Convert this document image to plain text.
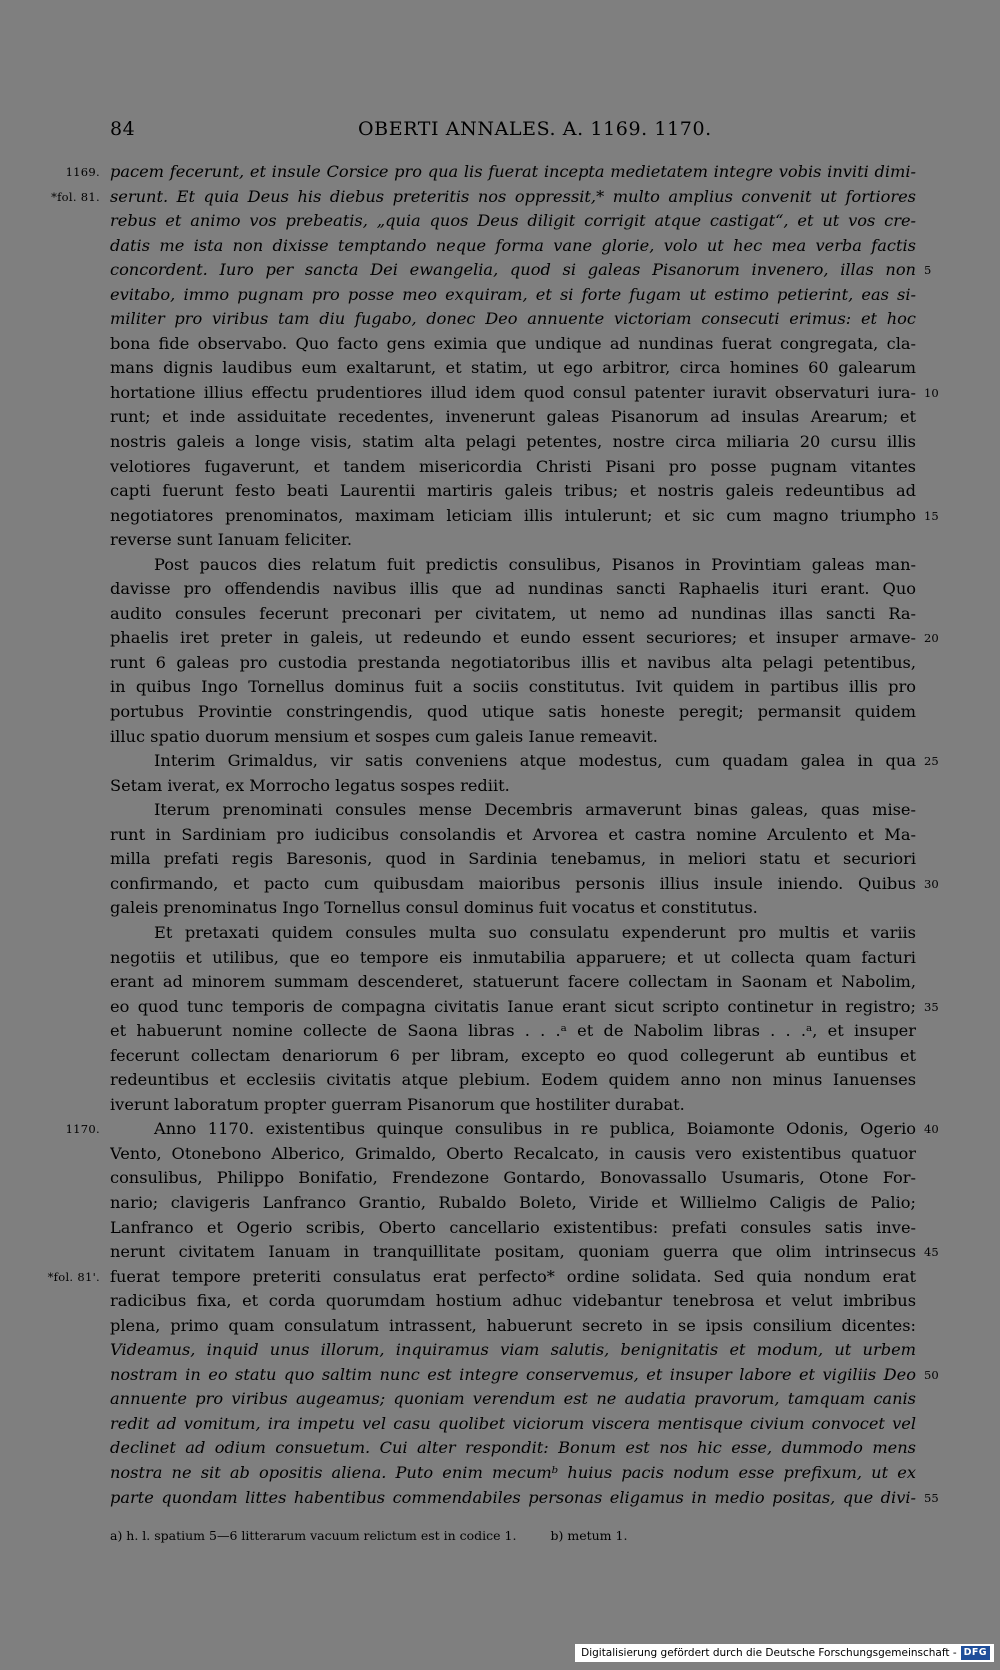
84	OBERTI ANNALES. A. 1169. 1170.
1169. pacem fecerunt, et insule Corsice pro qua lis fuerat incepta medietatem integre vobis inviti dimi-
*fol. 81. serunt. Et quia Deus his diebus preteritis nos oppressit,* multo amplius convenit ut fortiores
rebus et animo vos prebeatis, „quia quos Deus diligit corrigit atque castigat“, et ut vos cre-
datis me ista non dixisse temptando neque forma vane glorie, volo ut hec mea verba factis
concordent. Iuro per sancta Dei ewangelia, quod si galeas Pisanorum invenero, illas non 5
evitabo, immo pugnam pro posse meo exquiram, et si forte fugam ut estimo petierint, eas si-
militer pro viribus tam diu fugabo, donec Deo annuente victoriam consecuti erimus: et hoc
bona fide observabo. Quo facto gens eximia que undique ad nundinas fuerat congregata, cla-
mans dignis laudibus eum exaltarunt, et statim, ut ego arbitror, circa homines 60 galearum
hortatione illius effectu prudentiores illud idem quod consul patenter iuravit observaturi iura- 10
runt; et inde assiduitate recedentes, invenerunt galeas Pisanorum ad insulas Arearum; et
nostris galeis a longe visis, statim alta pelagi petentes, nostre circa miliaria 20 cursu illis
velotiores fugaverunt, et tandem misericordia Christi Pisani pro posse pugnam vitantes
capti fuerunt festo beati Laurentii martiris galeis tribus; et nostris galeis redeuntibus ad
negotiatores prenominatos, maximam leticiam illis intulerunt; et sic cum magno triumpho 15
reverse sunt Ianuam feliciter.
Post paucos dies relatum fuit predictis consulibus, Pisanos in Provintiam galeas man-
davisse pro offendendis navibus illis que ad nundinas sancti Raphaelis ituri erant. Quo
audito consules fecerunt preconari per civitatem, ut nemo ad nundinas illas sancti Ra-
phaelis iret preter in galeis, ut redeundo et eundo essent securiores; et insuper armave- 20
runt 6 galeas pro custodia prestanda negotiatoribus illis et navibus alta pelagi petentibus,
in quibus Ingo Tornellus dominus fuit a sociis constitutus. Ivit quidem in partibus illis pro
portubus Provintie constringendis, quod utique satis honeste peregit; permansit quidem
illuc spatio duorum mensium et sospes cum galeis Ianue remeavit.
Interim Grimaldus, vir satis conveniens atque modestus, cum quadam galea in qua 25
Setam iverat, ex Morrocho legatus sospes rediit.
Iterum prenominati consules mense Decembris armaverunt binas galeas, quas mise-
runt in Sardiniam pro iudicibus consolandis et Arvorea et castra nomine Arculento et Ma-
milla prefati regis Baresonis, quod in Sardinia tenebamus, in meliori statu et securiori
confirmando, et pacto cum quibusdam maioribus personis illius insule iniendo. Quibus 30
galeis prenominatus Ingo Tornellus consul dominus fuit vocatus et constitutus.
Et pretaxati quidem consules multa suo consulatu expenderunt pro multis et variis
negotiis et utilibus, que eo tempore eis inmutabilia apparuere; et ut collecta quam facturi
erant ad minorem summam descenderet, statuerunt facere collectam in Saonam et Nabolim,
eo quod tunc temporis de compagna civitatis Ianue erant sicut scripto continetur in registro; 35
et habuerunt nomine collecte de Saona libras . . .ᵃ et de Nabolim libras . . .ᵃ, et insuper
fecerunt collectam denariorum 6 per libram, excepto eo quod collegerunt ab euntibus et
redeuntibus et ecclesiis civitatis atque plebium. Eodem quidem anno non minus Ianuenses
iverunt laboratum propter guerram Pisanorum que hostiliter durabat.
1170.	Anno 1170. existentibus quinque consulibus in re publica, Boiamonte Odonis, Ogerio 40
Vento, Otonebono Alberico, Grimaldo, Oberto Recalcato, in causis vero existentibus quatuor
consulibus, Philippo Bonifatio, Frendezone Gontardo, Bonovassallo Usumaris, Otone For-
nario; clavigeris Lanfranco Grantio, Rubaldo Boleto, Viride et Willielmo Caligis de Palio;
Lanfranco et Ogerio scribis, Oberto cancellario existentibus: prefati consules satis inve-
nerunt civitatem Ianuam in tranquillitate positam, quoniam guerra que olim intrinsecus 45
*fol. 81'. fuerat tempore preteriti consulatus erat perfecto* ordine solidata. Sed quia nondum erat
radicibus fixa, et corda quorumdam hostium adhuc videbantur tenebrosa et velut imbribus
plena, primo quam consulatum intrassent, habuerunt secreto in se ipsis consilium dicentes:
Videamus, inquid unus illorum, inquiramus viam salutis, benignitatis et modum, ut urbem
nostram in eo statu quo saltim nunc est integre conservemus, et insuper labore et vigiliis Deo 50
annuente pro viribus augeamus; quoniam verendum est ne audatia pravorum, tamquam canis
redit ad vomitum, ira impetu vel casu quolibet viciorum viscera mentisque civium convocet vel
declinet ad odium consuetum. Cui alter respondit: Bonum est nos hic esse, dummodo mens
nostra ne sit ab opositis aliena. Puto enim mecumᵇ huius pacis nodum esse prefixum, ut ex
parte quondam littes habentibus commendabiles personas eligamus in medio positas, que divi- 55
a) h. l. spatium 5—6 litterarum vacuum relictum est in codice 1.	b) metum 1.
Digitalisierung gefördert durch die Deutsche Forschungsgemeinschaft - DFG
